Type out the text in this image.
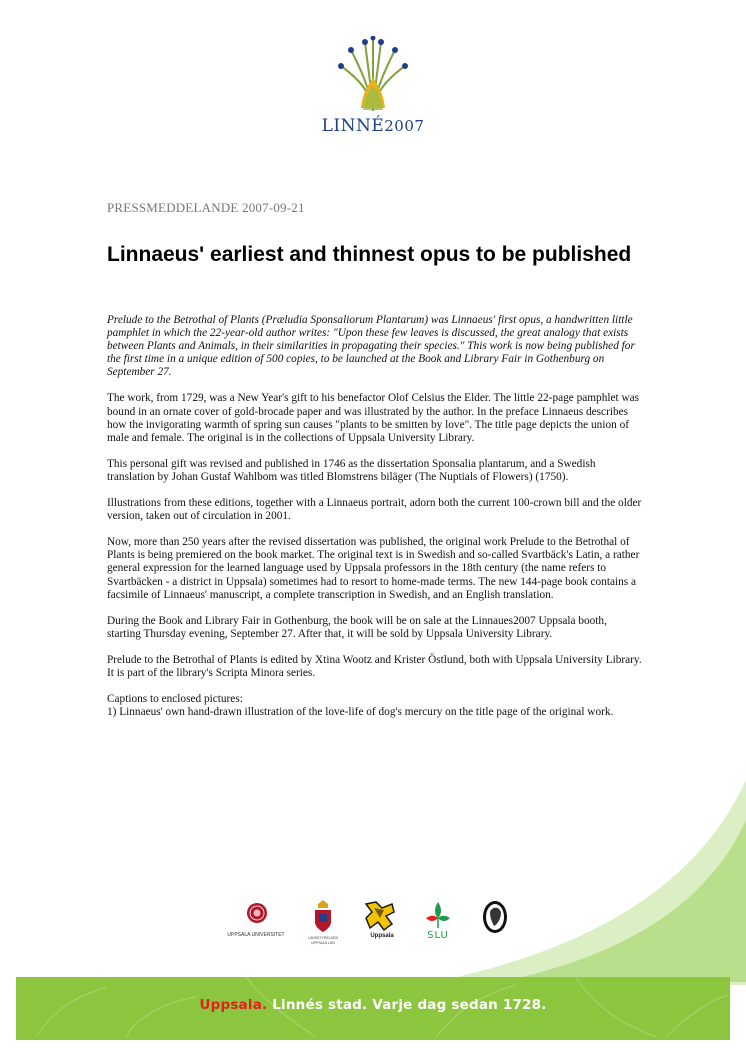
LINNÉ2007
PRESSMEDDELANDE 2007-09-21
Linnaeus' earliest and thinnest opus to be published

Prelude to the Betrothal of Plants (Præludia Sponsaliorum Plantarum) was Linnaeus' first opus, a handwritten little pamphlet in which the 22-year-old author writes: "Upon these few leaves is discussed, the great analogy that exists between Plants and Animals, in their similarities in propagating their species." This work is now being published for the first time in a unique edition of 500 copies, to be launched at the Book and Library Fair in Gothenburg on September 27.

The work, from 1729, was a New Year's gift to his benefactor Olof Celsius the Elder. The little 22-page pamphlet was bound in an ornate cover of gold-brocade paper and was illustrated by the author. In the preface Linnaeus describes how the invigorating warmth of spring sun causes "plants to be smitten by love". The title page depicts the union of male and female. The original is in the collections of Uppsala University Library.

This personal gift was revised and published in 1746 as the dissertation Sponsalia plantarum, and a Swedish translation by Johan Gustaf Wahlbom was titled Blomstrens biläger (The Nuptials of Flowers) (1750).

Illustrations from these editions, together with a Linnaeus portrait, adorn both the current 100-crown bill and the older version, taken out of circulation in 2001.

Now, more than 250 years after the revised dissertation was published, the original work Prelude to the Betrothal of Plants is being premiered on the book market. The original text is in Swedish and so-called Svartbäck's Latin, a rather general expression for the learned language used by Uppsala professors in the 18th century (the name refers to Svartbäcken - a district in Uppsala) sometimes had to resort to home-made terms. The new 144-page book contains a facsimile of Linnaeus' manuscript, a complete transcription in Swedish, and an English translation.

During the Book and Library Fair in Gothenburg, the book will be on sale at the Linnaues2007 Uppsala booth, starting Thursday evening, September 27. After that, it will be sold by Uppsala University Library.

Prelude to the Betrothal of Plants is edited by Xtina Wootz and Krister Östlund, both with Uppsala University Library. It is part of the library's Scripta Minora series.

Captions to enclosed pictures:

1) Linnaeus' own hand-drawn illustration of the love-life of dog's mercury on the title page of the original work.

UPPSALA UNIVERSITET	LÄNSSTYRELSEN UPPSALA LÄN
Uppsala	SLU
Uppsala. Linnés stad. Varje dag sedan 1728.
